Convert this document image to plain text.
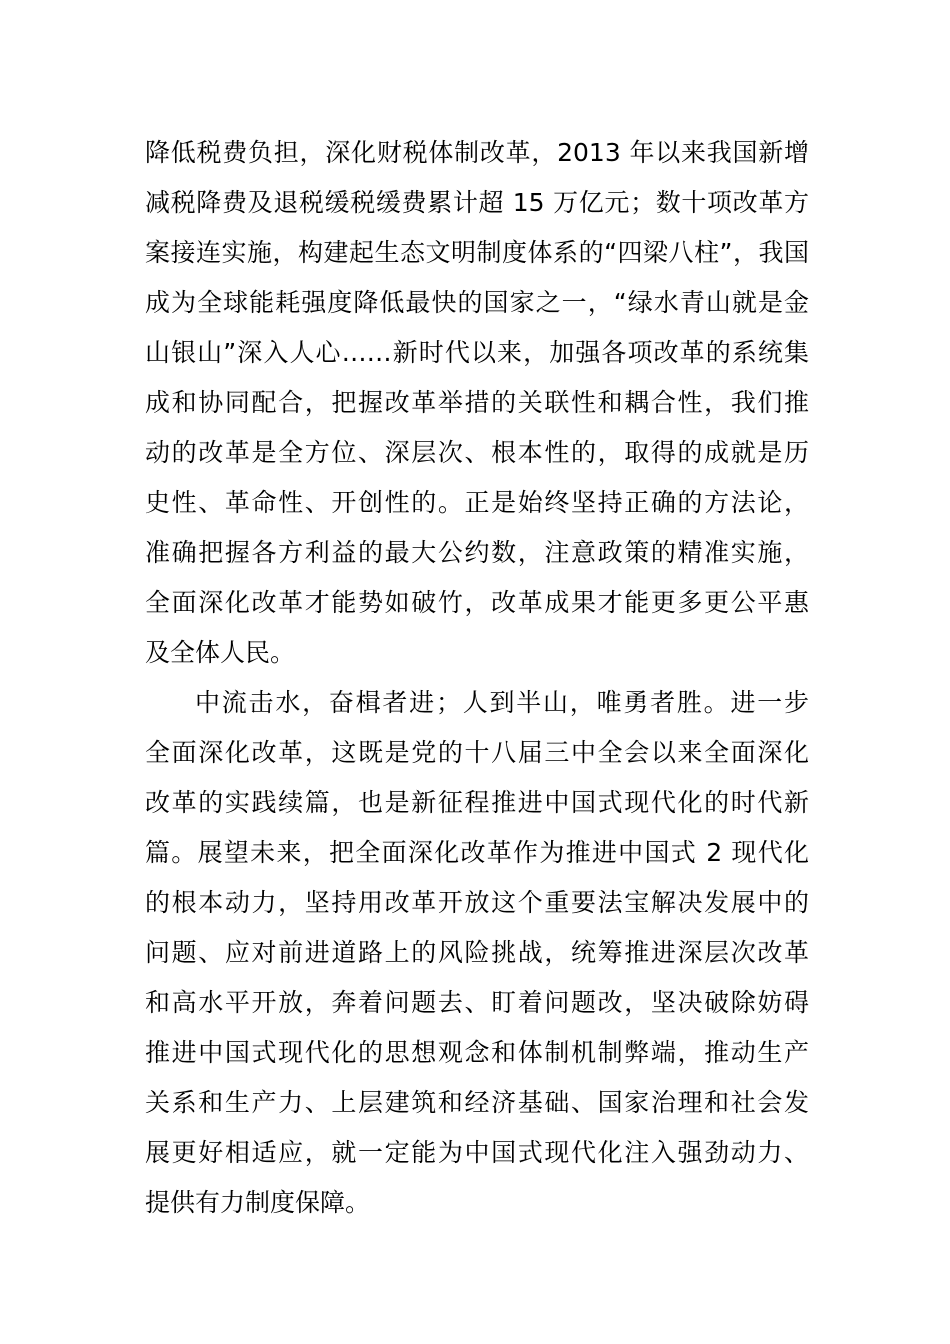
降低税费负担，深化财税体制改革，2013 年以来我国新增
减税降费及退税缓税缓费累计超 15 万亿元；数十项改革方
案接连实施，构建起生态文明制度体系的“四梁八柱”，我国
成为全球能耗强度降低最快的国家之一，“绿水青山就是金
山银山”深入人心……新时代以来，加强各项改革的系统集
成和协同配合，把握改革举措的关联性和耦合性，我们推
动的改革是全方位、深层次、根本性的，取得的成就是历
史性、革命性、开创性的。正是始终坚持正确的方法论，
准确把握各方利益的最大公约数，注意政策的精准实施，
全面深化改革才能势如破竹，改革成果才能更多更公平惠
及全体人民。
中流击水，奋楫者进；人到半山，唯勇者胜。进一步
全面深化改革，这既是党的十八届三中全会以来全面深化
改革的实践续篇，也是新征程推进中国式现代化的时代新
篇。展望未来，把全面深化改革作为推进中国式 2 现代化
的根本动力，坚持用改革开放这个重要法宝解决发展中的
问题、应对前进道路上的风险挑战，统筹推进深层次改革
和高水平开放，奔着问题去、盯着问题改，坚决破除妨碍
推进中国式现代化的思想观念和体制机制弊端，推动生产
关系和生产力、上层建筑和经济基础、国家治理和社会发
展更好相适应，就一定能为中国式现代化注入强劲动力、
提供有力制度保障。
